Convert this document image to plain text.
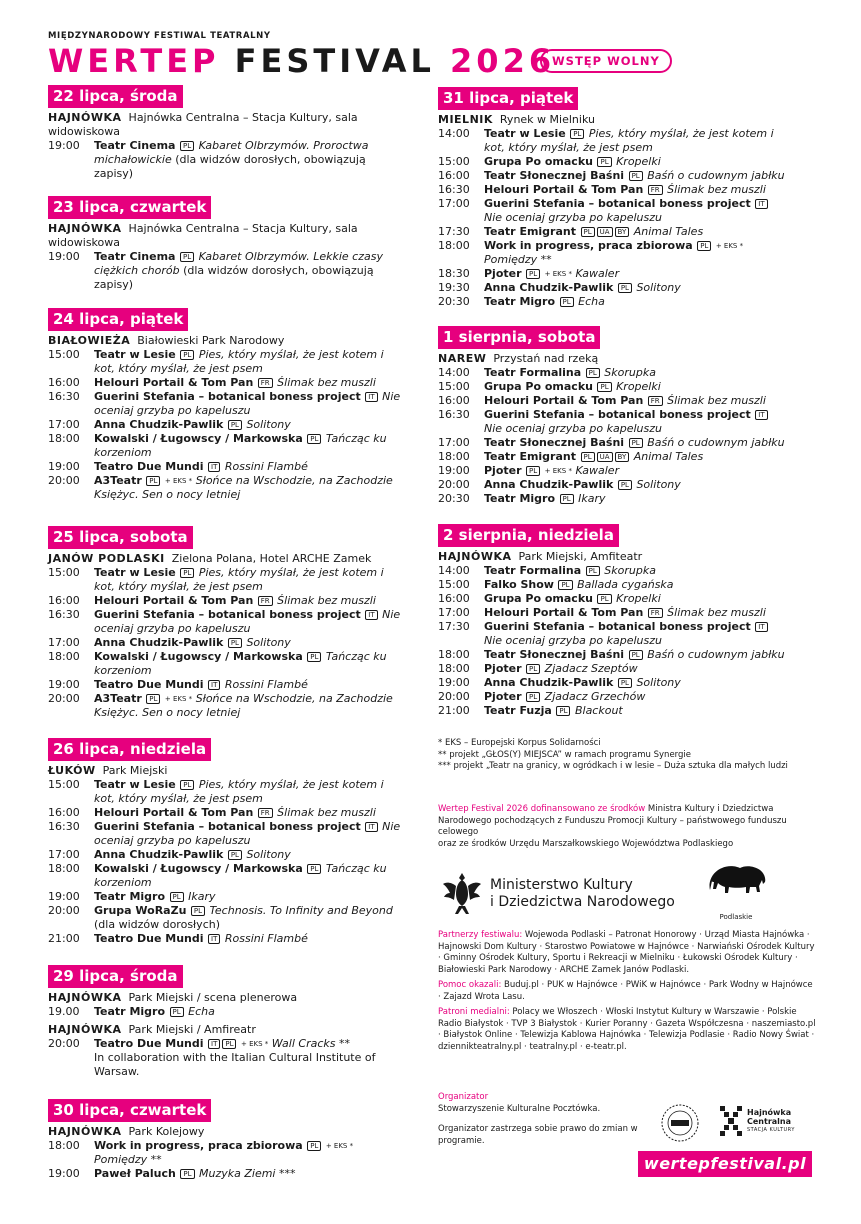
MIĘDZYNARODOWY FESTIWAL TEATRALNY
WERTEP FESTIVAL 2026
WSTĘP WOLNY
22 lipca, środa
HAJNÓWKA Hajnówka Centralna – Stacja Kultury, sala widowiskowa
19:00	Teatr Cinema PL Kabaret Olbrzymów. Proroctwa michałowickie (dla widzów dorosłych, obowiązują zapisy)
23 lipca, czwartek
HAJNÓWKA Hajnówka Centralna – Stacja Kultury, sala widowiskowa
19:00	Teatr Cinema PL Kabaret Olbrzymów. Lekkie czasy ciężkich chorób (dla widzów dorosłych, obowiązują zapisy)
24 lipca, piątek
BIAŁOWIEŻA Białowieski Park Narodowy
15:00	Teatr w Lesie PL Pies, który myślał, że jest kotem i kot, który myślał, że jest psem
16:00	Helouri Portail & Tom Pan FR Ślimak bez muszli
16:30	Guerini Stefania – botanical boness project IT Nie oceniaj grzyba po kapeluszu
17:00	Anna Chudzik-Pawlik PL Solitony
18:00	Kowalski / Ługowscy / Markowska PL Tańcząc ku korzeniom
19:00	Teatro Due Mundi IT Rossini Flambé
20:00	A3Teatr PL + EKS * Słońce na Wschodzie, na Zachodzie Księżyc. Sen o nocy letniej
25 lipca, sobota
JANÓW PODLASKI Zielona Polana, Hotel ARCHE Zamek
15:00	Teatr w Lesie PL Pies, który myślał, że jest kotem i kot, który myślał, że jest psem
16:00	Helouri Portail & Tom Pan FR Ślimak bez muszli
16:30	Guerini Stefania – botanical boness project IT Nie oceniaj grzyba po kapeluszu
17:00	Anna Chudzik-Pawlik PL Solitony
18:00	Kowalski / Ługowscy / Markowska PL Tańcząc ku korzeniom
19:00	Teatro Due Mundi IT Rossini Flambé
20:00	A3Teatr PL + EKS * Słońce na Wschodzie, na Zachodzie Księżyc. Sen o nocy letniej
26 lipca, niedziela
ŁUKÓW Park Miejski
15:00	Teatr w Lesie PL Pies, który myślał, że jest kotem i kot, który myślał, że jest psem
16:00	Helouri Portail & Tom Pan FR Ślimak bez muszli
16:30	Guerini Stefania – botanical boness project IT Nie oceniaj grzyba po kapeluszu
17:00	Anna Chudzik-Pawlik PL Solitony
18:00	Kowalski / Ługowscy / Markowska PL Tańcząc ku korzeniom
19:00	Teatr Migro PL Ikary
20:00	Grupa WoRaZu PL Technosis. To Infinity and Beyond (dla widzów dorosłych)
21:00	Teatro Due Mundi IT Rossini Flambé
29 lipca, środa
HAJNÓWKA Park Miejski / scena plenerowa
19.00	Teatr Migro PL Echa
HAJNÓWKA Park Miejski / Amfireatr
20:00	Teatro Due Mundi IT PL + EKS * Wall Cracks **
In collaboration with the Italian Cultural Institute of Warsaw.
30 lipca, czwartek
HAJNÓWKA Park Kolejowy
18:00	Work in progress, praca zbiorowa PL + EKS * Pomiędzy **
19:00	Paweł Paluch PL Muzyka Ziemi ***
31 lipca, piątek
MIELNIK Rynek w Mielniku
14:00	Teatr w Lesie PL Pies, który myślał, że jest kotem i kot, który myślał, że jest psem
15:00	Grupa Po omacku PL Kropelki
16:00	Teatr Słonecznej Baśni PL Baśń o cudownym jabłku
16:30	Helouri Portail & Tom Pan FR Ślimak bez muszli
17:00	Guerini Stefania – botanical boness project IT Nie oceniaj grzyba po kapeluszu
17:30	Teatr Emigrant PL UA BY Animal Tales
18:00	Work in progress, praca zbiorowa PL + EKS * Pomiędzy **
18:30	Pjoter PL + EKS * Kawaler
19:30	Anna Chudzik-Pawlik PL Solitony
20:30	Teatr Migro PL Echa
1 sierpnia, sobota
NAREW Przystań nad rzeką
14:00	Teatr Formalina PL Skorupka
15:00	Grupa Po omacku PL Kropelki
16:00	Helouri Portail & Tom Pan FR Ślimak bez muszli
16:30	Guerini Stefania – botanical boness project IT Nie oceniaj grzyba po kapeluszu
17:00	Teatr Słonecznej Baśni PL Baśń o cudownym jabłku
18:00	Teatr Emigrant PL UA BY Animal Tales
19:00	Pjoter PL + EKS * Kawaler
20:00	Anna Chudzik-Pawlik PL Solitony
20:30	Teatr Migro PL Ikary
2 sierpnia, niedziela
HAJNÓWKA Park Miejski, Amfiteatr
14:00	Teatr Formalina PL Skorupka
15:00	Falko Show PL Ballada cygańska
16:00	Grupa Po omacku PL Kropelki
17:00	Helouri Portail & Tom Pan FR Ślimak bez muszli
17:30	Guerini Stefania – botanical boness project IT Nie oceniaj grzyba po kapeluszu
18:00	Teatr Słonecznej Baśni PL Baśń o cudownym jabłku
18:00	Pjoter PL Zjadacz Szeptów
19:00	Anna Chudzik-Pawlik PL Solitony
20:00	Pjoter PL Zjadacz Grzechów
21:00	Teatr Fuzja PL Blackout
* EKS – Europejski Korpus Solidarności
** projekt „GŁOS(Y) MIEJSCA” w ramach programu Synergie
*** projekt „Teatr na granicy, w ogródkach i w lesie – Duża sztuka dla małych ludzi
Wertep Festival 2026 dofinansowano ze środków Ministra Kultury i Dziedzictwa Narodowego pochodzących z Funduszu Promocji Kultury – państwowego funduszu celowego
oraz ze środków Urzędu Marszałkowskiego Województwa Podlaskiego
Ministerstwo Kultury
i Dziedzictwa Narodowego
Podlaskie

Partnerzy festiwalu: Wojewoda Podlaski – Patronat Honorowy · Urząd Miasta Hajnówka · Hajnowski Dom Kultury · Starostwo Powiatowe w Hajnówce · Narwiański Ośrodek Kultury · Gminny Ośrodek Kultury, Sportu i Rekreacji w Mielniku · Łukowski Ośrodek Kultury · Białowieski Park Narodowy · ARCHE Zamek Janów Podlaski.

Pomoc okazali: Buduj.pl · PUK w Hajnówce · PWiK w Hajnówce · Park Wodny w Hajnówce · Zajazd Wrota Lasu.

Patroni medialni: Polacy we Włoszech · Włoski Instytut Kultury w Warszawie · Polskie Radio Białystok · TVP 3 Białystok · Kurier Poranny · Gazeta Współczesna · naszemiasto.pl · Białystok Online · Telewizja Kablowa Hajnówka · Telewizja Podlasie · Radio Nowy Świat · dziennikteatralny.pl · teatralny.pl · e-teatr.pl.

Organizator
Stowarzyszenie Kulturalne Pocztówka.
Organizator zastrzega sobie prawo do zmian w programie.
Hajnówka
Centralna
STACJA KULTURY
wertepfestival.pl
